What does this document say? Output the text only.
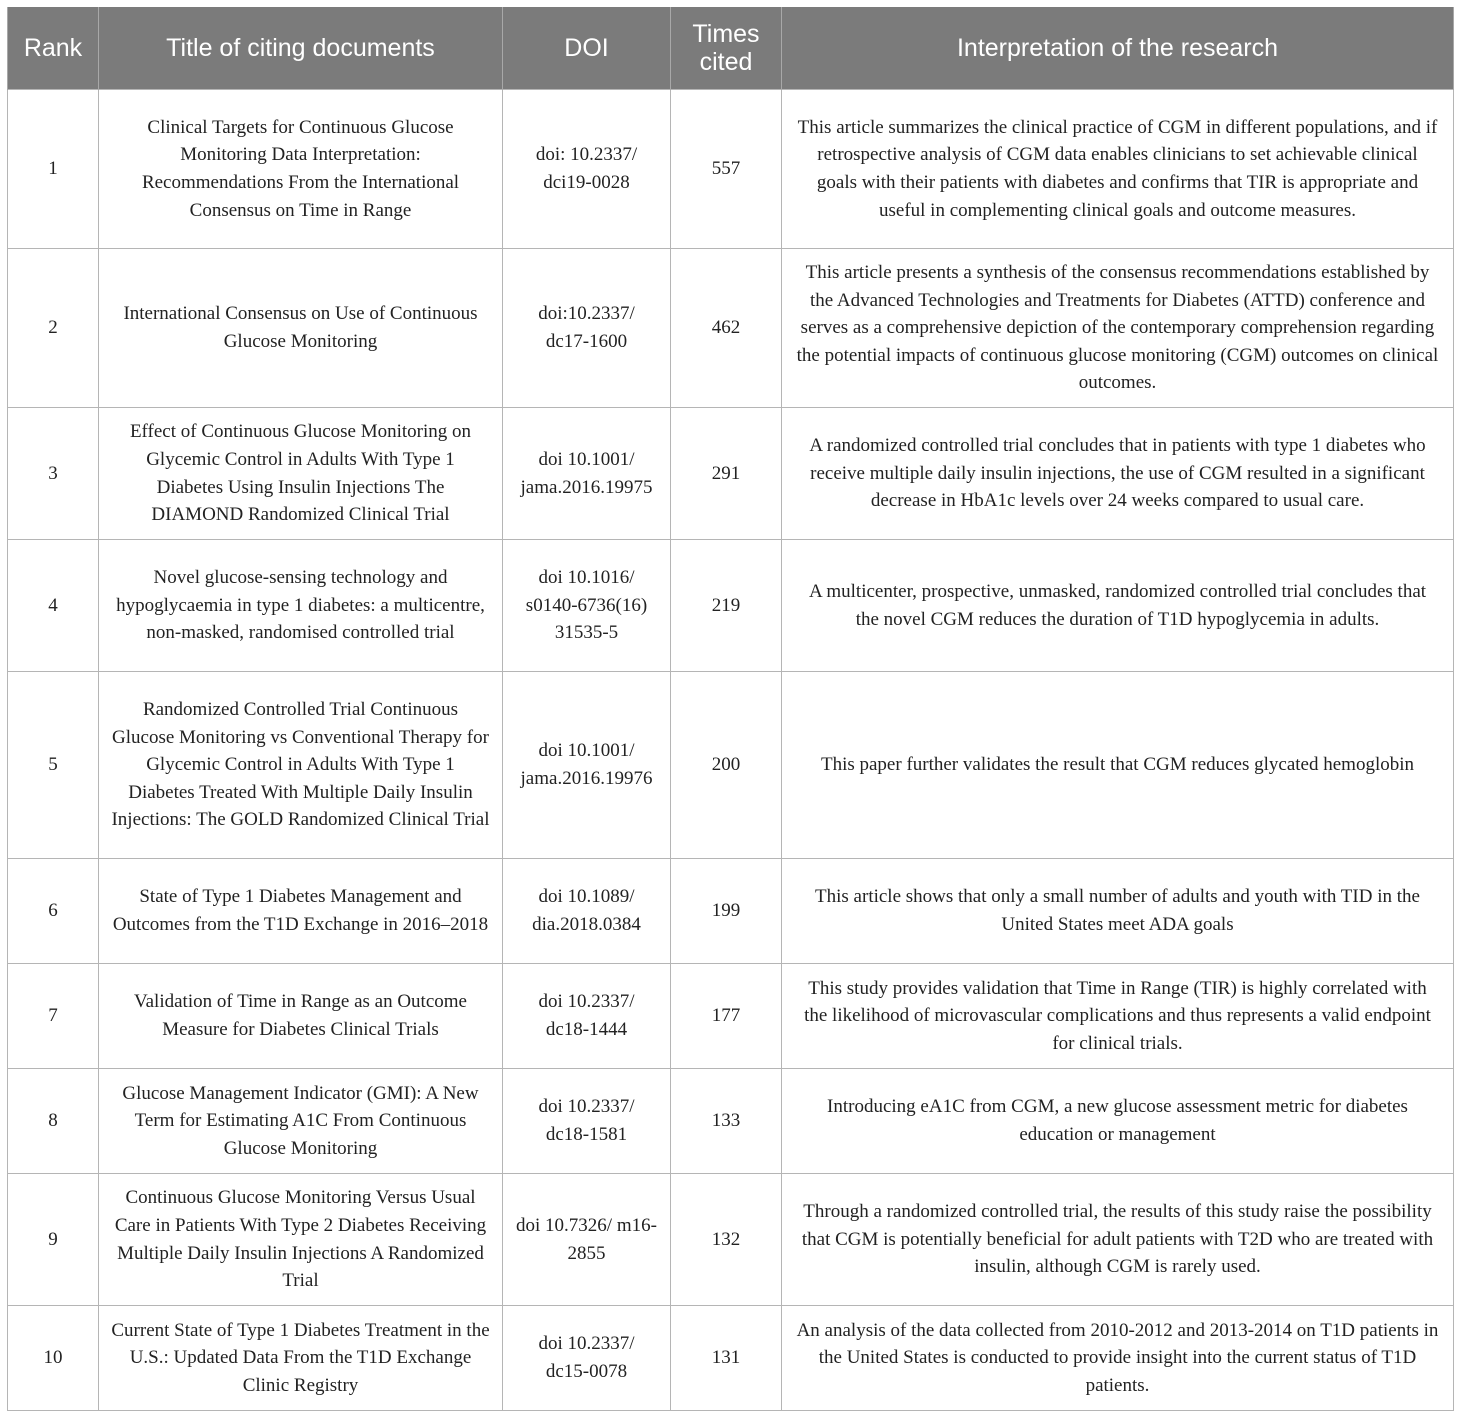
Rank	Title of citing documents	DOI	Times cited	Interpretation of the research
1	Clinical Targets for Continuous Glucose Monitoring Data Interpretation: Recommendations From the International Consensus on Time in Range	doi: 10.2337/ dci19-0028	557	This article summarizes the clinical practice of CGM in different populations, and if retrospective analysis of CGM data enables clinicians to set achievable clinical goals with their patients with diabetes and confirms that TIR is appropriate and useful in complementing clinical goals and outcome measures.
2	International Consensus on Use of Continuous Glucose Monitoring	doi:10.2337/ dc17-1600	462	This article presents a synthesis of the consensus recommendations established by the Advanced Technologies and Treatments for Diabetes (ATTD) conference and serves as a comprehensive depiction of the contemporary comprehension regarding the potential impacts of continuous glucose monitoring (CGM) outcomes on clinical outcomes.
3	Effect of Continuous Glucose Monitoring on Glycemic Control in Adults With Type 1 Diabetes Using Insulin Injections The DIAMOND Randomized Clinical Trial	doi 10.1001/ jama.2016.19975	291	A randomized controlled trial concludes that in patients with type 1 diabetes who receive multiple daily insulin injections, the use of CGM resulted in a significant decrease in HbA1c levels over 24 weeks compared to usual care.
4	Novel glucose-sensing technology and hypoglycaemia in type 1 diabetes: a multicentre, non-masked, randomised controlled trial	doi 10.1016/ s0140-6736(16) 31535-5	219	A multicenter, prospective, unmasked, randomized controlled trial concludes that the novel CGM reduces the duration of T1D hypoglycemia in adults.
5	Randomized Controlled Trial Continuous Glucose Monitoring vs Conventional Therapy for Glycemic Control in Adults With Type 1 Diabetes Treated With Multiple Daily Insulin Injections: The GOLD Randomized Clinical Trial	doi 10.1001/ jama.2016.19976	200	This paper further validates the result that CGM reduces glycated hemoglobin
6	State of Type 1 Diabetes Management and Outcomes from the T1D Exchange in 2016–2018	doi 10.1089/ dia.2018.0384	199	This article shows that only a small number of adults and youth with TID in the United States meet ADA goals
7	Validation of Time in Range as an Outcome Measure for Diabetes Clinical Trials	doi 10.2337/ dc18-1444	177	This study provides validation that Time in Range (TIR) is highly correlated with the likelihood of microvascular complications and thus represents a valid endpoint for clinical trials.
8	Glucose Management Indicator (GMI): A New Term for Estimating A1C From Continuous Glucose Monitoring	doi 10.2337/ dc18-1581	133	Introducing eA1C from CGM, a new glucose assessment metric for diabetes education or management
9	Continuous Glucose Monitoring Versus Usual Care in Patients With Type 2 Diabetes Receiving Multiple Daily Insulin Injections A Randomized Trial	doi 10.7326/ m16-2855	132	Through a randomized controlled trial, the results of this study raise the possibility that CGM is potentially beneficial for adult patients with T2D who are treated with insulin, although CGM is rarely used.
10	Current State of Type 1 Diabetes Treatment in the U.S.: Updated Data From the T1D Exchange Clinic Registry	doi 10.2337/ dc15-0078	131	An analysis of the data collected from 2010-2012 and 2013-2014 on T1D patients in the United States is conducted to provide insight into the current status of T1D patients.
